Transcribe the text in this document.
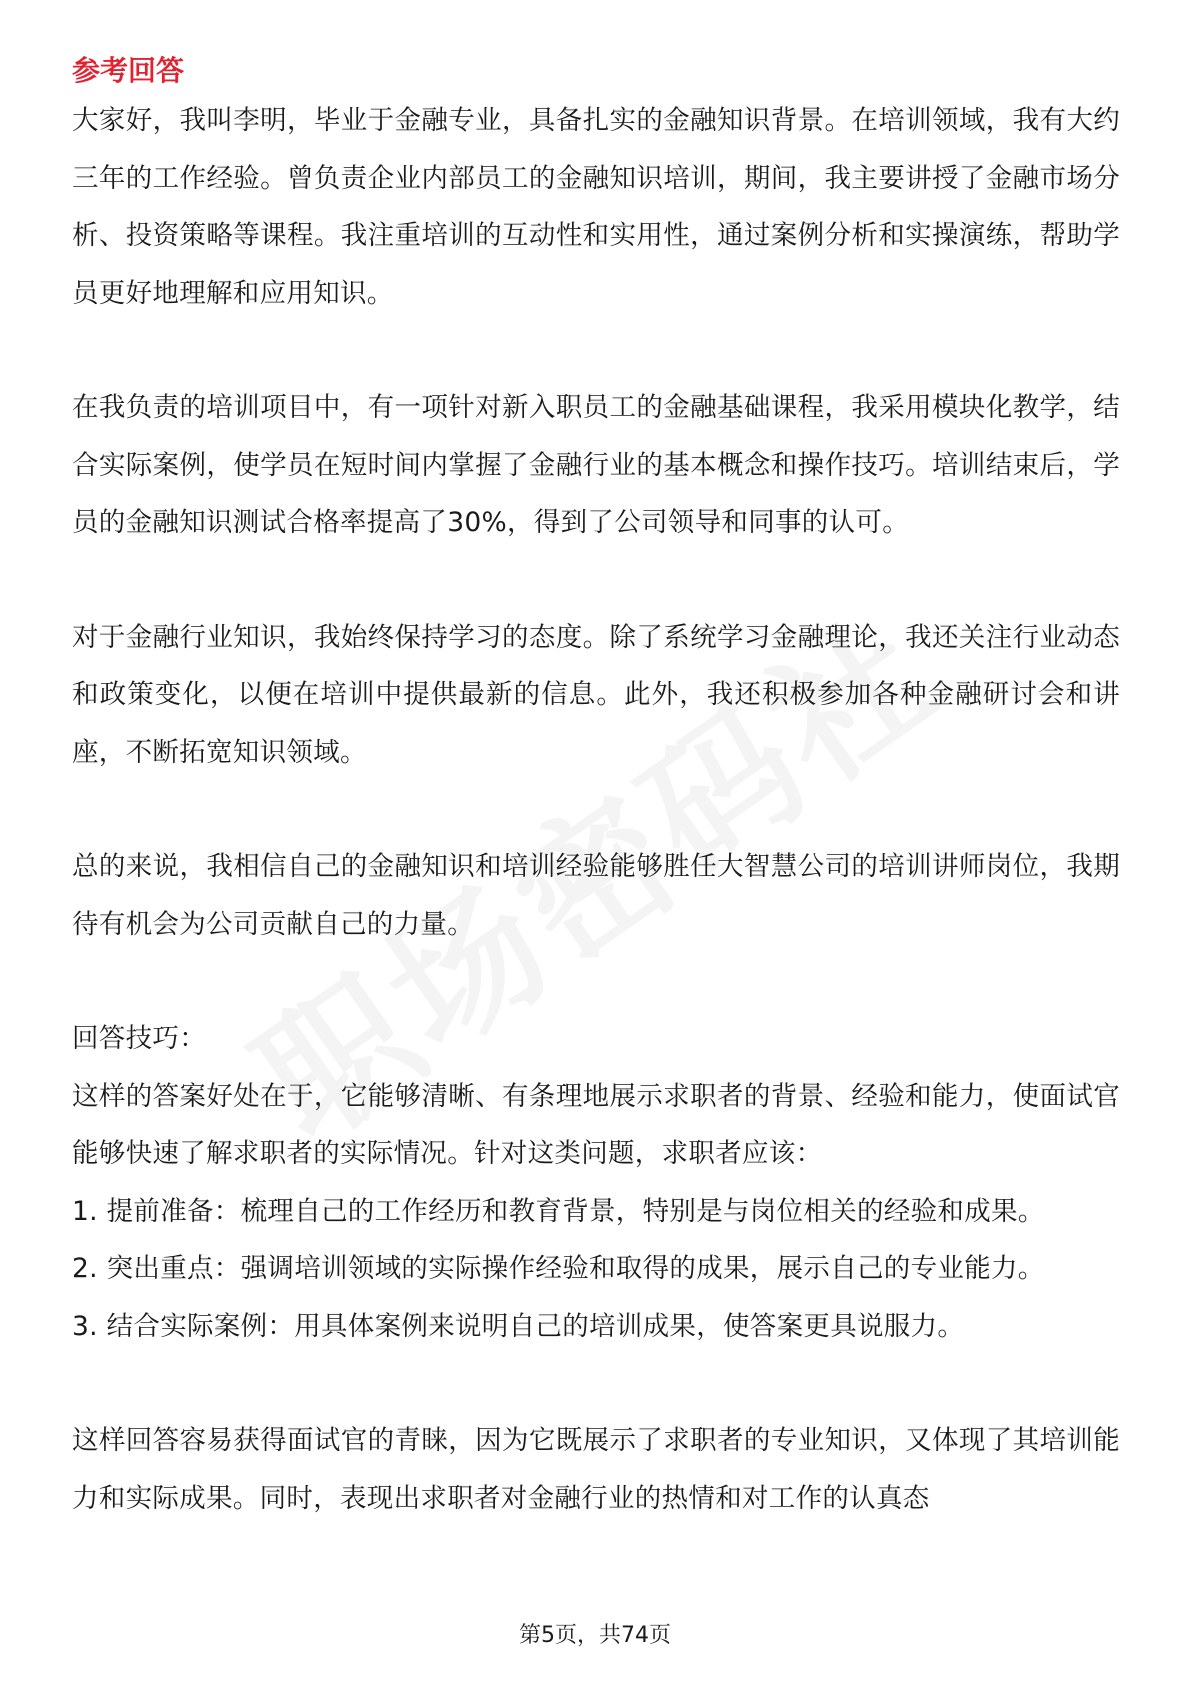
参考回答

大家好，我叫李明，毕业于金融专业，具备扎实的金融知识背景。在培训领域，我有大约三年的工作经验。曾负责企业内部员工的金融知识培训，期间，我主要讲授了金融市场分析、投资策略等课程。我注重培训的互动性和实用性，通过案例分析和实操演练，帮助学员更好地理解和应用知识。

在我负责的培训项目中，有一项针对新入职员工的金融基础课程，我采用模块化教学，结合实际案例，使学员在短时间内掌握了金融行业的基本概念和操作技巧。培训结束后，学员的金融知识测试合格率提高了30%，得到了公司领导和同事的认可。

对于金融行业知识，我始终保持学习的态度。除了系统学习金融理论，我还关注行业动态和政策变化，以便在培训中提供最新的信息。此外，我还积极参加各种金融研讨会和讲座，不断拓宽知识领域。

总的来说，我相信自己的金融知识和培训经验能够胜任大智慧公司的培训讲师岗位，我期待有机会为公司贡献自己的力量。

回答技巧：

这样的答案好处在于，它能够清晰、有条理地展示求职者的背景、经验和能力，使面试官能够快速了解求职者的实际情况。针对这类问题，求职者应该：

1. 提前准备：梳理自己的工作经历和教育背景，特别是与岗位相关的经验和成果。

2. 突出重点：强调培训领域的实际操作经验和取得的成果，展示自己的专业能力。

3. 结合实际案例：用具体案例来说明自己的培训成果，使答案更具说服力。

这样回答容易获得面试官的青睐，因为它既展示了求职者的专业知识，又体现了其培训能力和实际成果。同时，表现出求职者对金融行业的热情和对工作的认真态

第5页，共74页
